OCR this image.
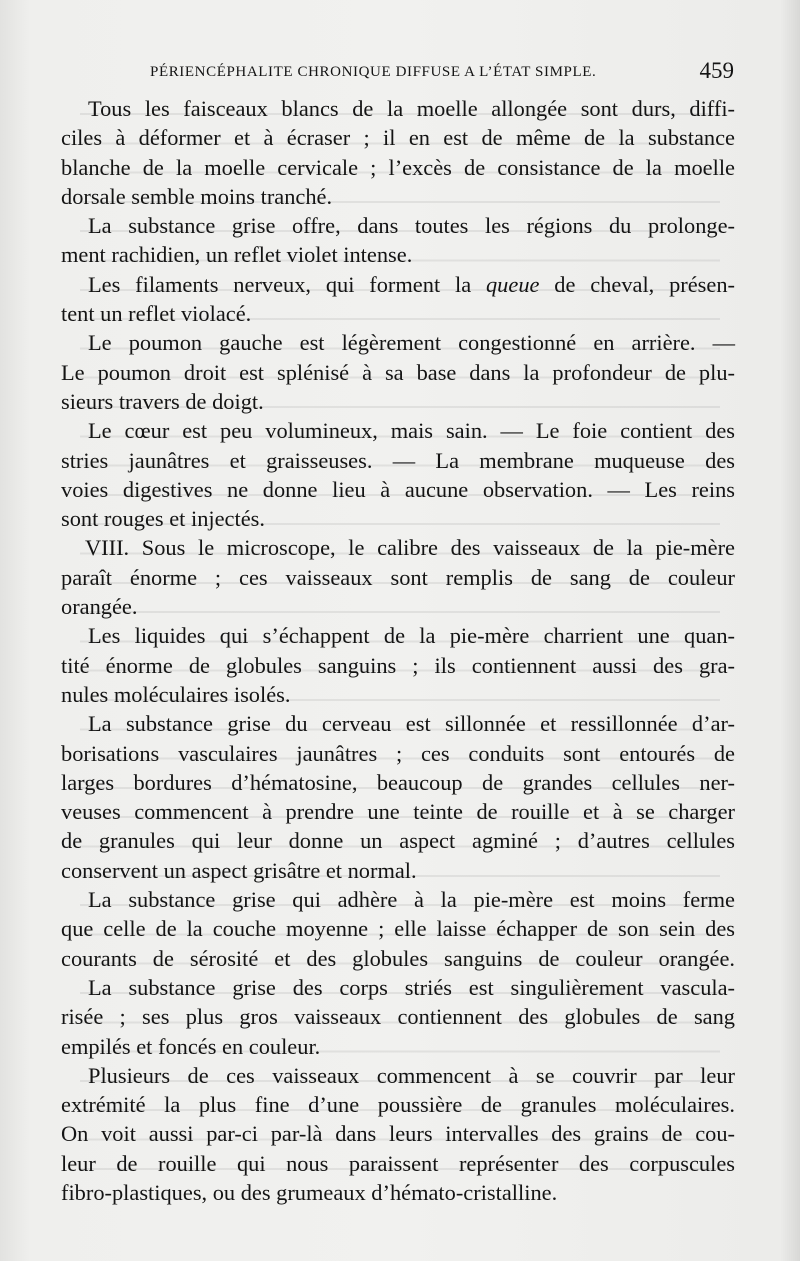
PÉRIENCÉPHALITE CHRONIQUE DIFFUSE A L’ÉTAT SIMPLE.	459
Tous les faisceaux blancs de la moelle allongée sont durs, diffi-
ciles à déformer et à écraser ; il en est de même de la substance
blanche de la moelle cervicale ; l’excès de consistance de la moelle
dorsale semble moins tranché.
La substance grise offre, dans toutes les régions du prolonge-
ment rachidien, un reflet violet intense.
Les filaments nerveux, qui forment la queue de cheval, présen-
tent un reflet violacé.
Le poumon gauche est légèrement congestionné en arrière. —
Le poumon droit est splénisé à sa base dans la profondeur de plu-
sieurs travers de doigt.
Le cœur est peu volumineux, mais sain. — Le foie contient des
stries jaunâtres et graisseuses. — La membrane muqueuse des
voies digestives ne donne lieu à aucune observation. — Les reins
sont rouges et injectés.
VIII. Sous le microscope, le calibre des vaisseaux de la pie-mère
paraît énorme ; ces vaisseaux sont remplis de sang de couleur
orangée.
Les liquides qui s’échappent de la pie-mère charrient une quan-
tité énorme de globules sanguins ; ils contiennent aussi des gra-
nules moléculaires isolés.
La substance grise du cerveau est sillonnée et ressillonnée d’ar-
borisations vasculaires jaunâtres ; ces conduits sont entourés de
larges bordures d’hématosine, beaucoup de grandes cellules ner-
veuses commencent à prendre une teinte de rouille et à se charger
de granules qui leur donne un aspect agminé ; d’autres cellules
conservent un aspect grisâtre et normal.
La substance grise qui adhère à la pie-mère est moins ferme
que celle de la couche moyenne ; elle laisse échapper de son sein des
courants de sérosité et des globules sanguins de couleur orangée.
La substance grise des corps striés est singulièrement vascula-
risée ; ses plus gros vaisseaux contiennent des globules de sang
empilés et foncés en couleur.
Plusieurs de ces vaisseaux commencent à se couvrir par leur
extrémité la plus fine d’une poussière de granules moléculaires.
On voit aussi par-ci par-là dans leurs intervalles des grains de cou-
leur de rouille qui nous paraissent représenter des corpuscules
fibro-plastiques, ou des grumeaux d’hémato-cristalline.
